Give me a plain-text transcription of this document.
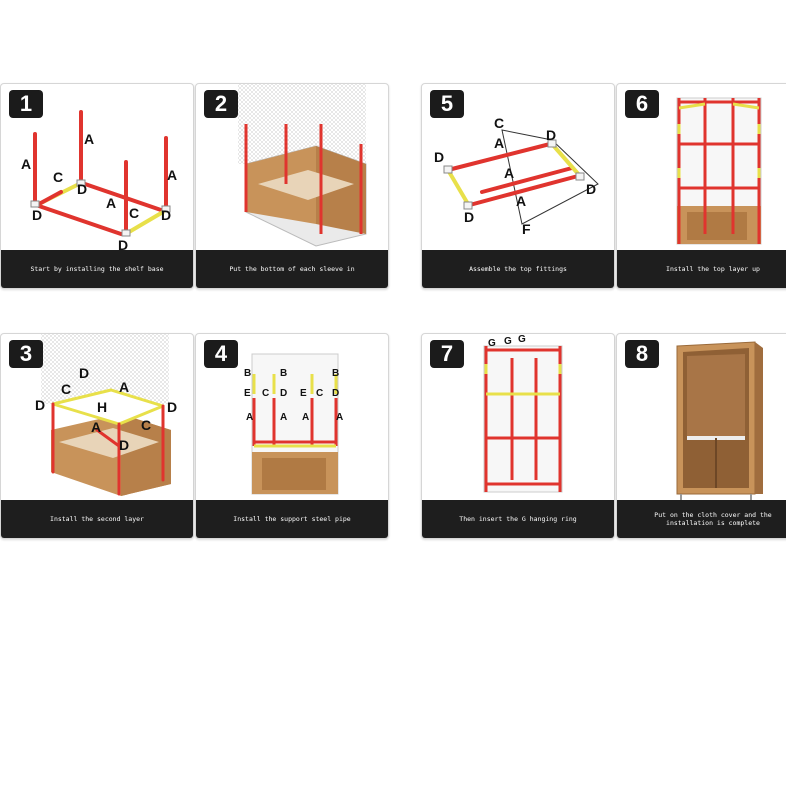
1
A
A
A
A
C
C
D
D	D
D
Start by installing the shelf base
2
Put the bottom of each sleeve in
5
C
D
A
D
A
A
D
D
F
Assemble the top fittings
6
Install the top layer up
3
D
C
D
A
D
H
A
D
C
Install the second layer
4
B	B	B
E C D E C D
A	A A	A
Install the support steel pipe
7	G G G
Then insert the G hanging ring
8
Put on the cloth cover and the
installation is complete
